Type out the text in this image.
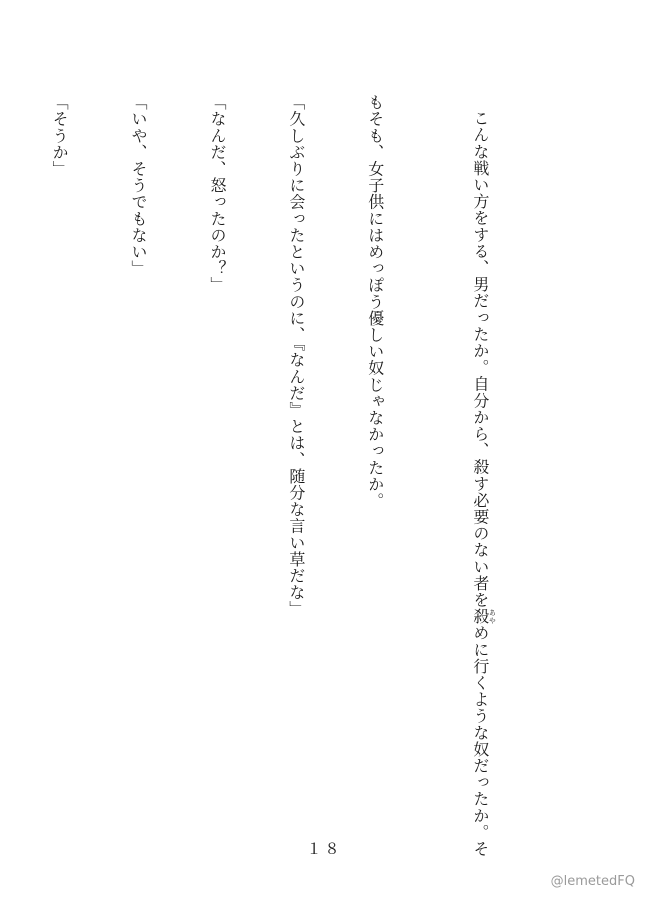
こんな戦い方をする、男だったか。自分から、殺す必要のない者を殺あやめに行くような奴だったか。そ

もそも、女子供にはめっぽう優しい奴じゃなかったか。

「久しぶりに会ったというのに、『なんだ』とは、随分な言い草だな」

「なんだ、怒ったのか？」

「いや、そうでもない」

「そうか」

１８
@lemetedFQ
